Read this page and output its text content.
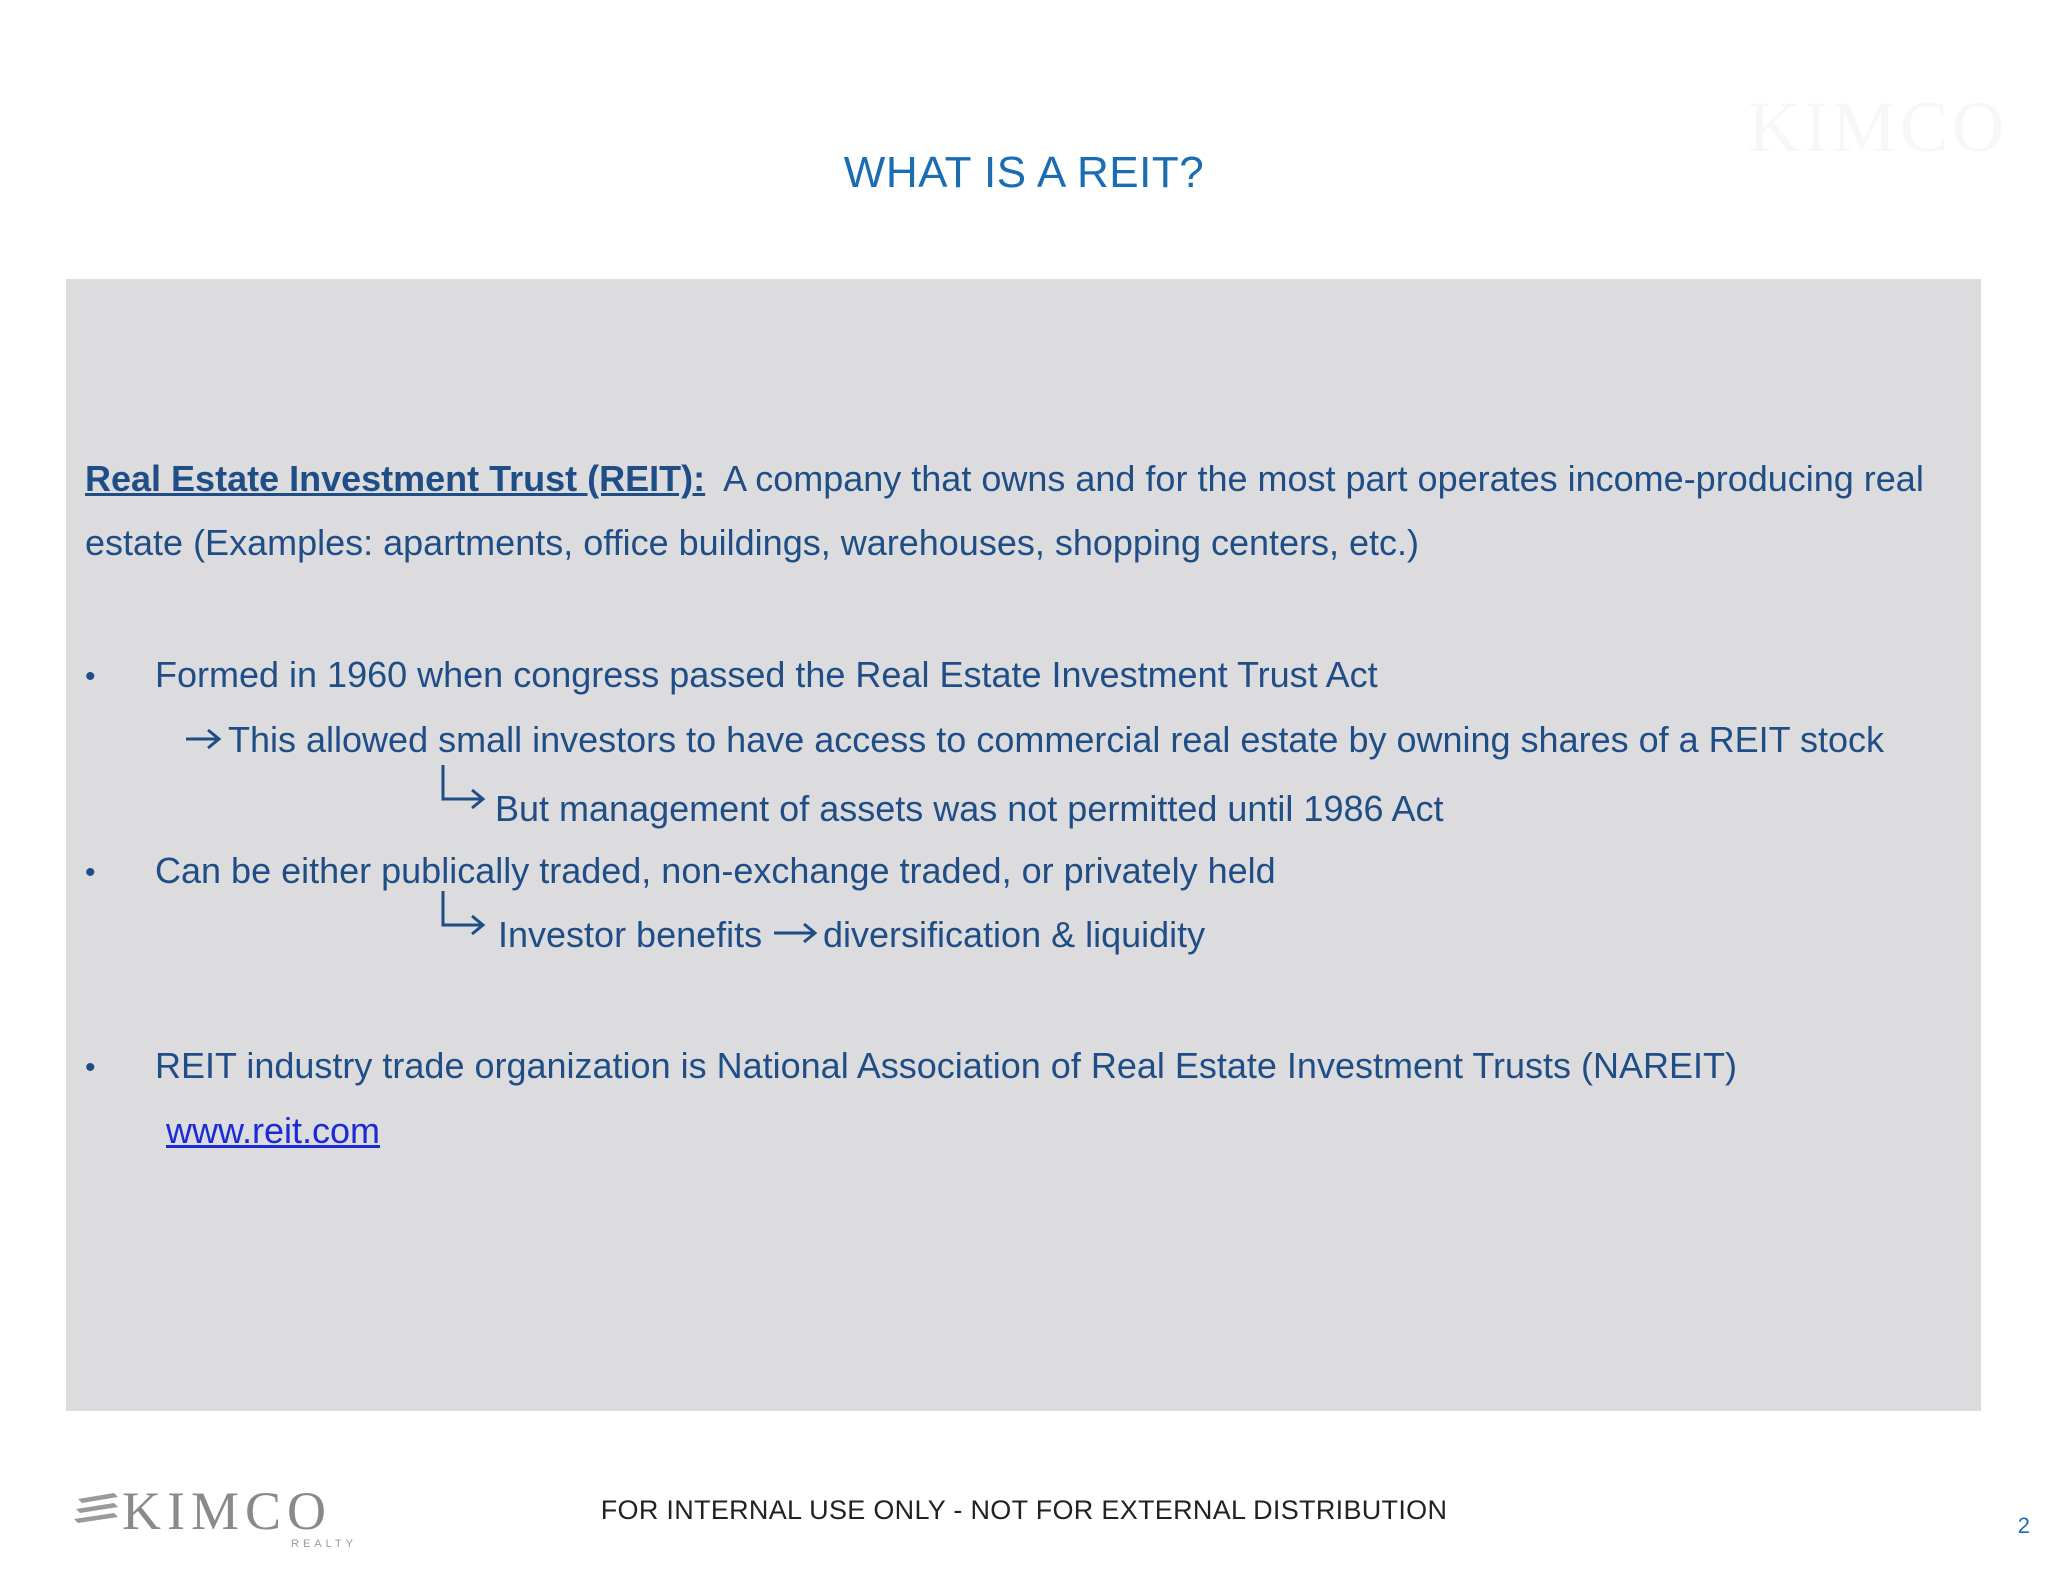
KIMCO
WHAT IS A REIT?
Real Estate Investment Trust (REIT): A company that owns and for the most part operates income-producing real
estate (Examples: apartments, office buildings, warehouses, shopping centers, etc.)
• Formed in 1960 when congress passed the Real Estate Investment Trust Act
This allowed small investors to have access to commercial real estate by owning shares of a REIT stock
But management of assets was not permitted until 1986 Act
• Can be either publically traded, non-exchange traded, or privately held
Investor benefits diversification & liquidity
• REIT industry trade organization is National Association of Real Estate Investment Trusts (NAREIT)
www.reit.com
KIMCO
REALTY
FOR INTERNAL USE ONLY - NOT FOR EXTERNAL DISTRIBUTION
2
